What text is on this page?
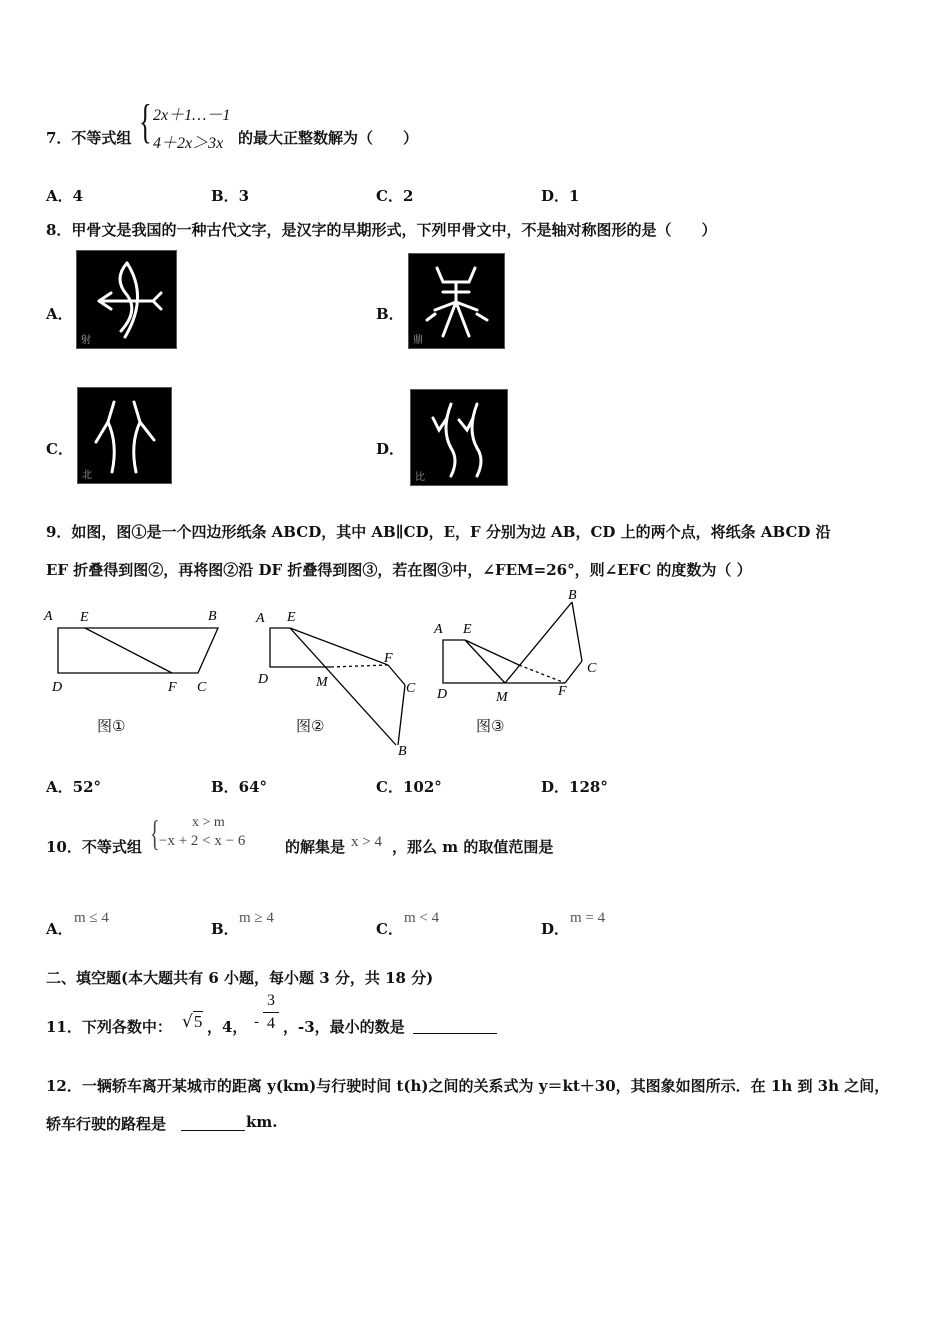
7．不等式组 { 2x＋1…－1
4＋2x＞3x 的最大正整数解为（　　）
A．4	B．3	C．2	D．1
8．甲骨文是我国的一种古代文字，是汉字的早期形式，下列甲骨文中，不是轴对称图形的是（　　）
A．
射
B．
鼎
C．
北
D．
比
9．如图，图①是一个四边形纸条 ABCD，其中 AB∥CD，E，F 分别为边 AB，CD 上的两个点，将纸条 ABCD 沿
EF 折叠得到图②，再将图②沿 DF 折叠得到图③，若在图③中，∠FEM=26°，则∠EFC 的度数为（ ）
A E	B
D	F C
A E
F
D	M	C
B
A E
B
C
D	M	F
图①	图②	图③
A．52°	B．64°	C．102°	D．128°
10．不等式组 { x > m
−x + 2 < x − 6	的解集是 x > 4 ，那么 m 的取值范围是
A．
m ≤ 4
B．
m ≥ 4
C．
m < 4
D．
m = 4
二、填空题(本大题共有 6 小题，每小题 3 分，共 18 分)
11．下列各数中： √5 ，4， -
3
4 ，-3，最小的数是
12．一辆轿车离开某城市的距离 y(km)与行驶时间 t(h)之间的关系式为 y＝kt＋30，其图象如图所示．在 1h 到 3h 之间，
轿车行驶的路程是	km.
